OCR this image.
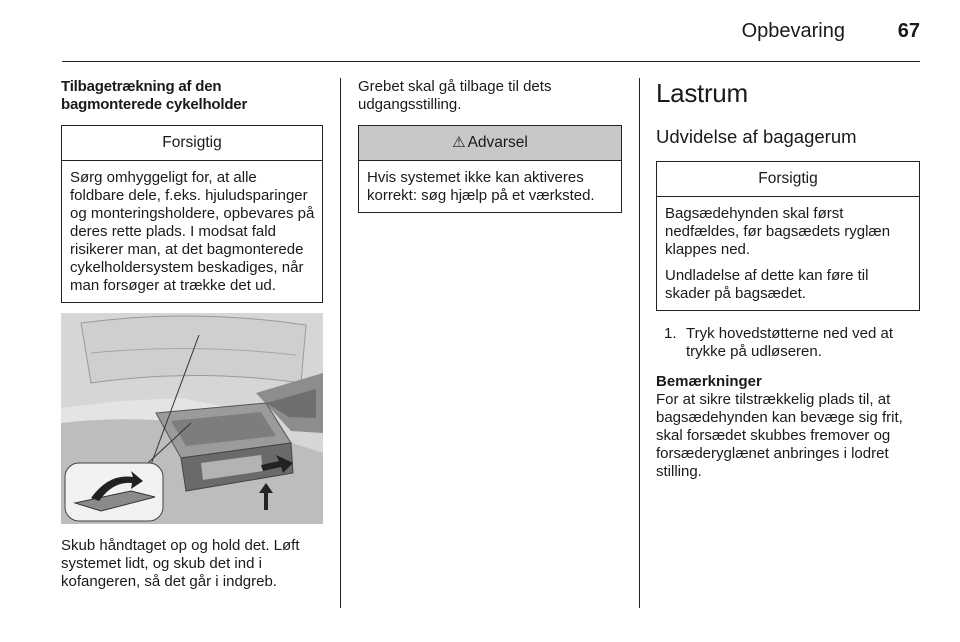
Opbevaring	67
Tilbagetrækning af den bagmonterede cykelholder
Forsigtig

Sørg omhyggeligt for, at alle foldbare dele, f.eks. hjuludsparinger og monteringsholdere, opbevares på deres rette plads. I modsat fald risikerer man, at det bagmonterede cykelholdersystem beskadiges, når man forsøger at trække det ud.

Skub håndtaget op og hold det. Løft systemet lidt, og skub det ind i kofangeren, så det går i indgreb.
Grebet skal gå tilbage til dets udgangsstilling.
⚠ Advarsel

Hvis systemet ikke kan aktiveres korrekt: søg hjælp på et værksted.

Lastrum
Udvidelse af bagagerum
Forsigtig

Bagsædehynden skal først nedfældes, før bagsædets ryglæn klappes ned.

Undladelse af dette kan føre til skader på bagsædet.

1. Tryk hovedstøtterne ned ved at trykke på udløseren.
Bemærkninger
For at sikre tilstrækkelig plads til, at bagsædehynden kan bevæge sig frit, skal forsædet skubbes fremover og forsæderyglænet anbringes i lodret stilling.
